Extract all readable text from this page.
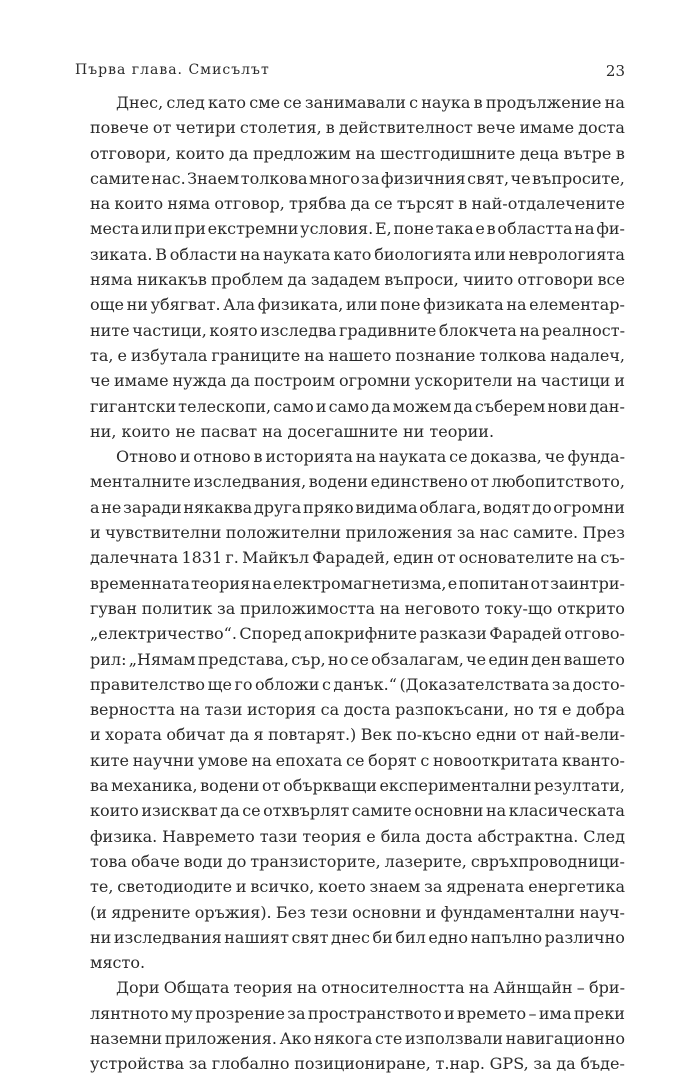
Първа глава. Смисълът	23
Днес, след като сме се занимавали с наука в продължение на
повече от четири столетия, в действителност вече имаме доста
отговори, които да предложим на шестгодишните деца вътре в
самите нас. Знаем толкова много за физичния свят, че въпросите,
на които няма отговор, трябва да се търсят в най-отдалечените
места или при екстремни условия. Е, поне така е в областта на фи-
зиката. В области на науката като биологията или неврологията
няма никакъв проблем да зададем въпроси, чиито отговори все
още ни убягват. Ала физиката, или поне физиката на елементар-
ните частици, която изследва градивните блокчета на реалност-
та, е избутала границите на нашето познание толкова надалеч,
че имаме нужда да построим огромни ускорители на частици и
гигантски телескопи, само и само да можем да съберем нови дан-
ни, които не пасват на досегашните ни теории.
Отново и отново в историята на науката се доказва, че фунда-
менталните изследвания, водени единствено от любопитството,
а не заради някаква друга пряко видима облага, водят до огромни
и чувствителни положителни приложения за нас самите. През
далечната 1831 г. Майкъл Фарадей, един от основателите на съ-
временната теория на електромагнетизма, е попитан от заинтри-
гуван политик за приложимостта на неговото току-що открито
„електричество“. Според апокрифните разкази Фарадей отгово-
рил: „Нямам представа, сър, но се обзалагам, че един ден вашето
правителство ще го обложи с данък.“ (Доказателствата за досто-
верността на тази история са доста разпокъсани, но тя е добра
и хората обичат да я повтарят.) Век по-късно едни от най-вели-
ките научни умове на епохата се борят с новооткритата кванто-
ва механика, водени от объркващи експериментални резултати,
които изискват да се отхвърлят самите основни на класическата
физика. Навремето тази теория е била доста абстрактна. След
това обаче води до транзисторите, лазерите, свръхпроводници-
те, светодиодите и всичко, което знаем за ядрената енергетика
(и ядрените оръжия). Без тези основни и фундаментални науч-
ни изследвания нашият свят днес би бил едно напълно различно
място.
Дори Общата теория на относителността на Айнщайн – бри-
лянтното му прозрение за пространството и времето – има преки
наземни приложения. Ако някога сте използвали навигационно
устройства за глобално позициониране, т.нар. GPS, за да бъде-
